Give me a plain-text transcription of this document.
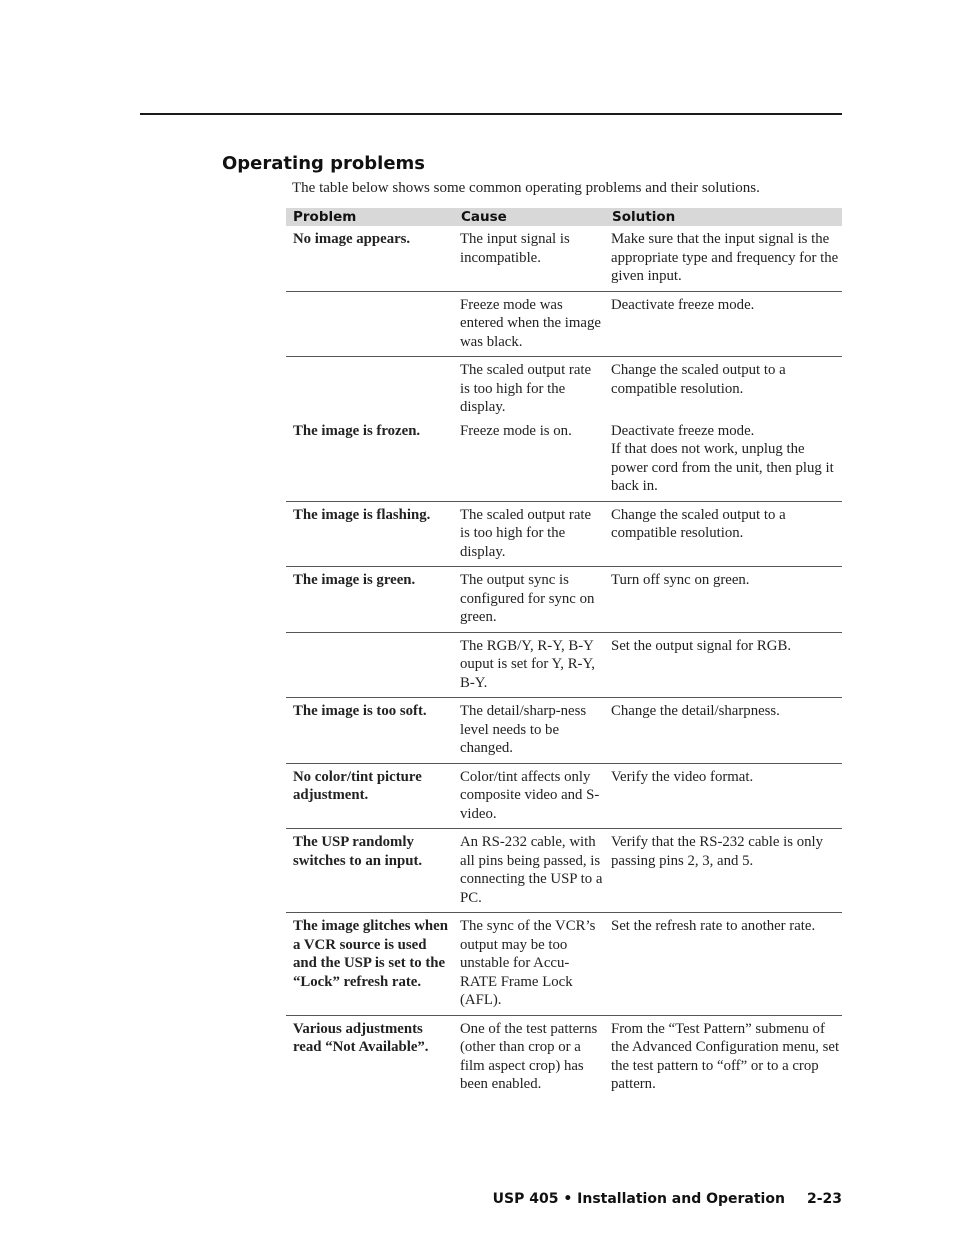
Operating problems
The table below shows some common operating problems and their solutions.
Problem	Cause	Solution
No image appears.	The input signal is incompatible.	Make sure that the input signal is the appropriate type and frequency for the given input.
	Freeze mode was entered when the image was black.	Deactivate freeze mode.
	The scaled output rate is too high for the display.	Change the scaled output to a compatible resolution.
The image is frozen.	Freeze mode is on.	Deactivate freeze mode.
If that does not work, unplug the power cord from the unit, then plug it back in.

The image is flashing.	The scaled output rate is too high for the display.	Change the scaled output to a compatible resolution.
The image is green.	The output sync is configured for sync on green.	Turn off sync on green.
	The RGB/Y, R-Y, B-Y ouput is set for Y, R-Y, B-Y.	Set the output signal for RGB.
The image is too soft.	The detail/sharp-ness level needs to be changed.	Change the detail/sharpness.
No color/tint picture adjustment.	Color/tint affects only composite video and S-video.	Verify the video format.
The USP randomly switches to an input.	An RS-232 cable, with all pins being passed, is connecting the USP to a PC.	Verify that the RS-232 cable is only passing pins 2, 3, and 5.
The image glitches when a VCR source is used and the USP is set to the “Lock” refresh rate.	The sync of the VCR’s output may be too unstable for Accu-RATE Frame Lock (AFL).	Set the refresh rate to another rate.
Various adjustments read “Not Available”.	One of the test patterns (other than crop or a film aspect crop) has been enabled.	From the “Test Pattern” submenu of the Advanced Configuration menu, set the test pattern to “off” or to a crop pattern.
USP 405 • Installation and Operation 2-23
